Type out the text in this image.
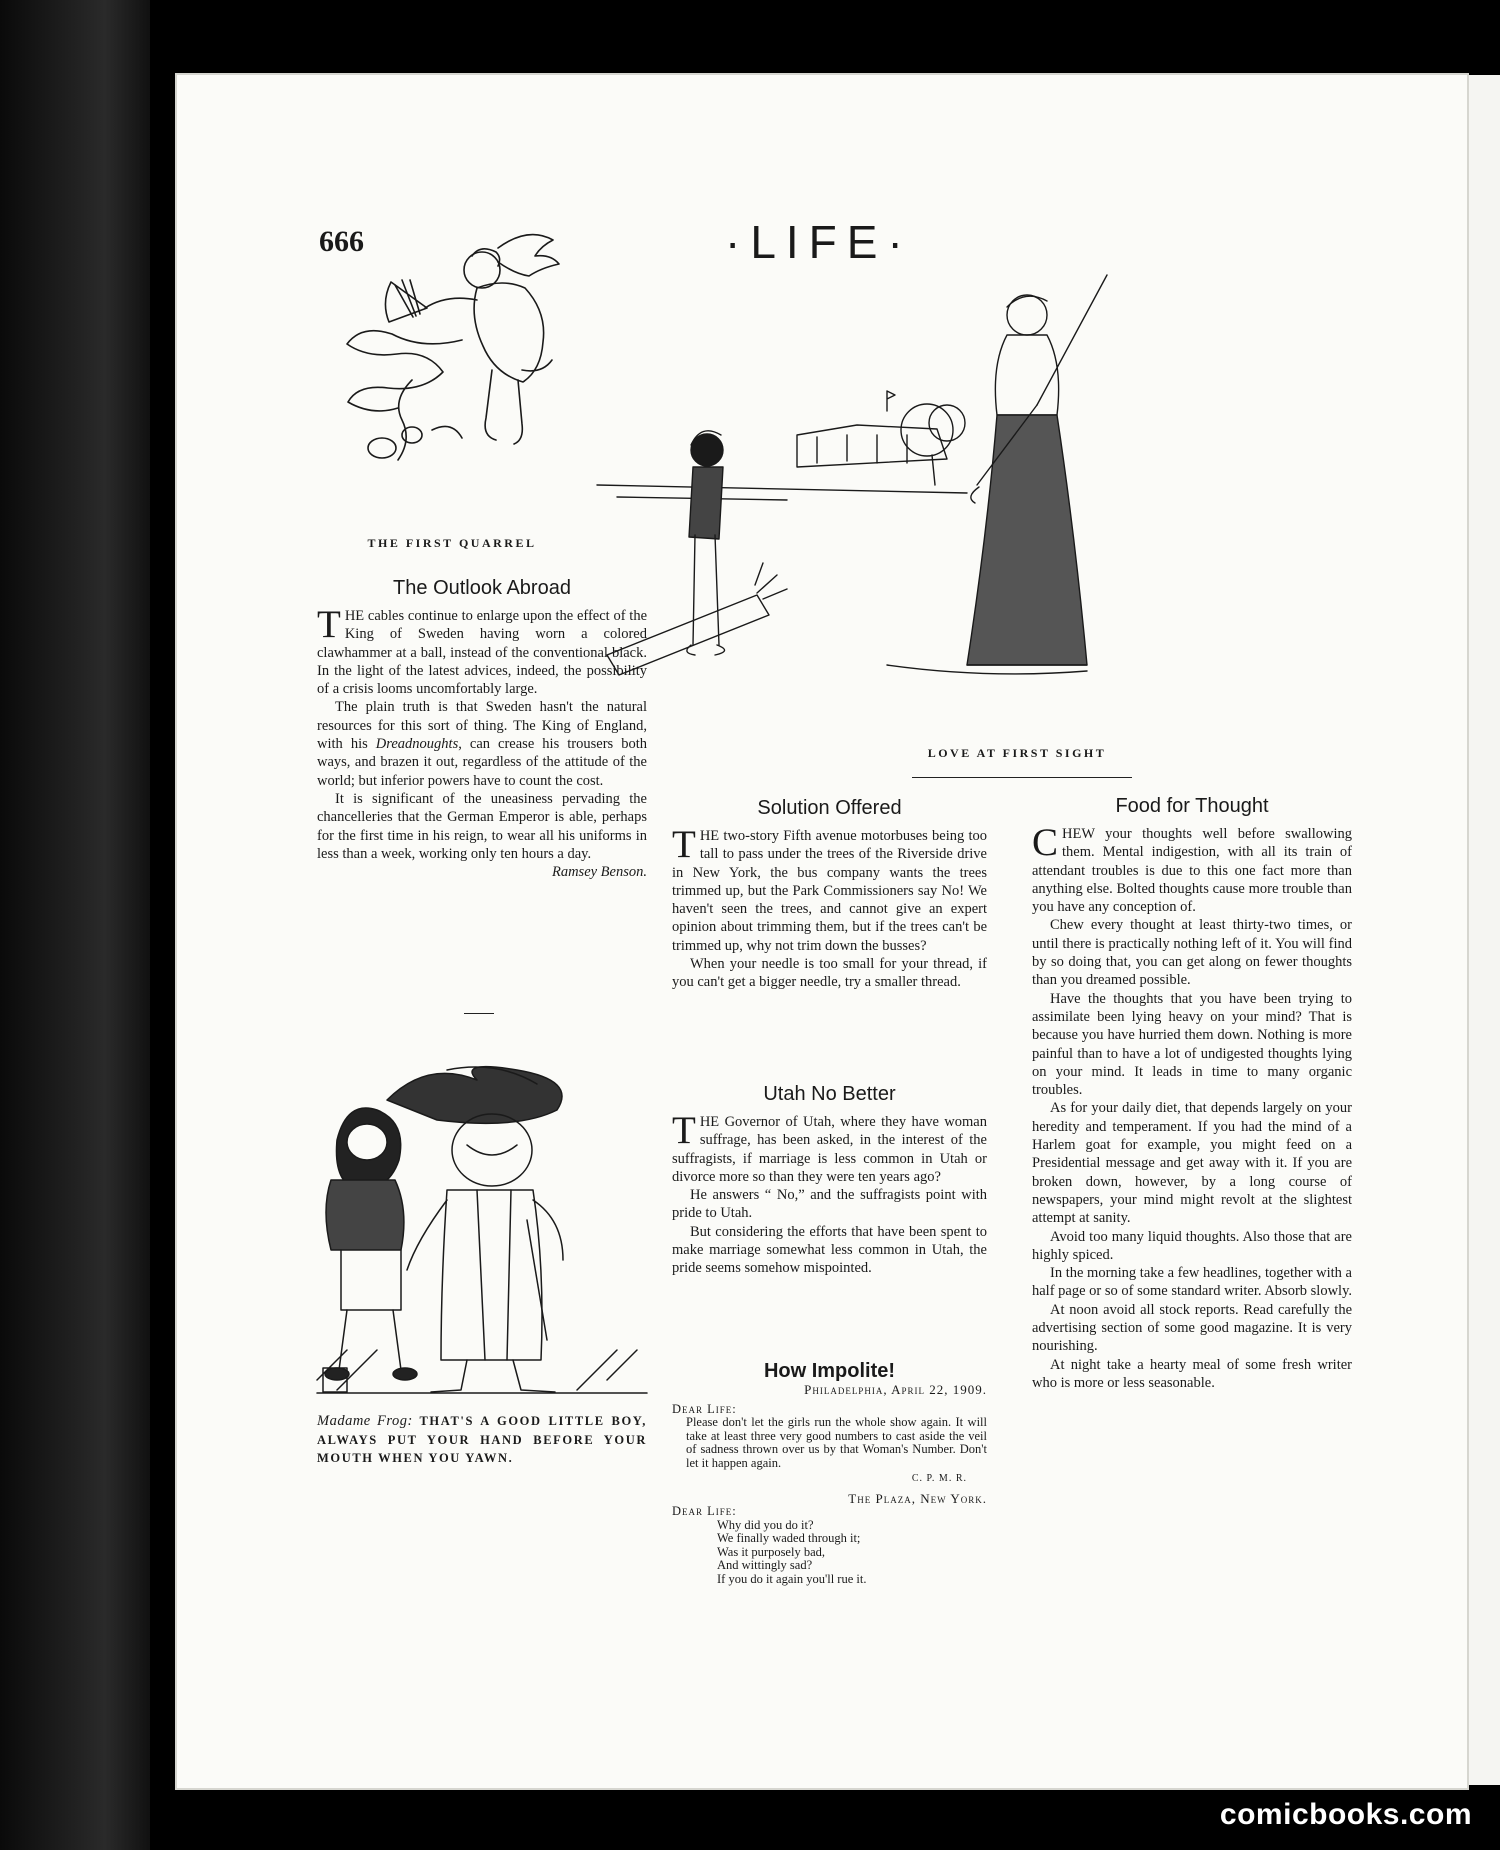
666	·LIFE·
THE FIRST QUARREL
LOVE AT FIRST SIGHT
The Outlook Abroad

THE cables continue to enlarge upon the effect of the King of Sweden having worn a colored clawhammer at a ball, instead of the conventional black. In the light of the latest advices, indeed, the possibility of a crisis looms uncomfortably large.

The plain truth is that Sweden hasn't the natural resources for this sort of thing. The King of England, with his Dreadnoughts, can crease his trousers both ways, and brazen it out, regardless of the attitude of the world; but inferior powers have to count the cost.

It is significant of the uneasiness pervading the chancelleries that the German Emperor is able, perhaps for the first time in his reign, to wear all his uniforms in less than a week, working only ten hours a day.
Ramsey Benson.

Madame Frog: THAT'S A GOOD LITTLE BOY, ALWAYS PUT YOUR HAND BEFORE YOUR MOUTH WHEN YOU YAWN.
Solution Offered

THE two-story Fifth avenue motorbuses being too tall to pass under the trees of the Riverside drive in New York, the bus company wants the trees trimmed up, but the Park Commissioners say No! We haven't seen the trees, and cannot give an expert opinion about trimming them, but if the trees can't be trimmed up, why not trim down the busses?

When your needle is too small for your thread, if you can't get a bigger needle, try a smaller thread.

Utah No Better

THE Governor of Utah, where they have woman suffrage, has been asked, in the interest of the suffragists, if marriage is less common in Utah or divorce more so than they were ten years ago?

He answers “ No,” and the suffragists point with pride to Utah.

But considering the efforts that have been spent to make marriage somewhat less common in Utah, the pride seems somehow mispointed.

How Impolite!

Philadelphia, April 22, 1909.

Dear Life:

Please don't let the girls run the whole show again. It will take at least three very good numbers to cast aside the veil of sadness thrown over us by that Woman's Number. Don't let it happen again.

C. P. M. R.

The Plaza, New York.

Dear Life:

Why did you do it?

We finally waded through it;

Was it purposely bad,

And wittingly sad?

If you do it again you'll rue it.

Food for Thought

CHEW your thoughts well before swallowing them. Mental indigestion, with all its train of attendant troubles is due to this one fact more than anything else. Bolted thoughts cause more trouble than you have any conception of.

Chew every thought at least thirty-two times, or until there is practically nothing left of it. You will find by so doing that, you can get along on fewer thoughts than you dreamed possible.

Have the thoughts that you have been trying to assimilate been lying heavy on your mind? That is because you have hurried them down. Nothing is more painful than to have a lot of undigested thoughts lying on your mind. It leads in time to many organic troubles.

As for your daily diet, that depends largely on your heredity and temperament. If you had the mind of a Harlem goat for example, you might feed on a Presidential message and get away with it. If you are broken down, however, by a long course of newspapers, your mind might revolt at the slightest attempt at sanity.

Avoid too many liquid thoughts. Also those that are highly spiced.

In the morning take a few headlines, together with a half page or so of some standard writer. Absorb slowly.

At noon avoid all stock reports. Read carefully the advertising section of some good magazine. It is very nourishing.

At night take a hearty meal of some fresh writer who is more or less seasonable.

comicbooks.com
